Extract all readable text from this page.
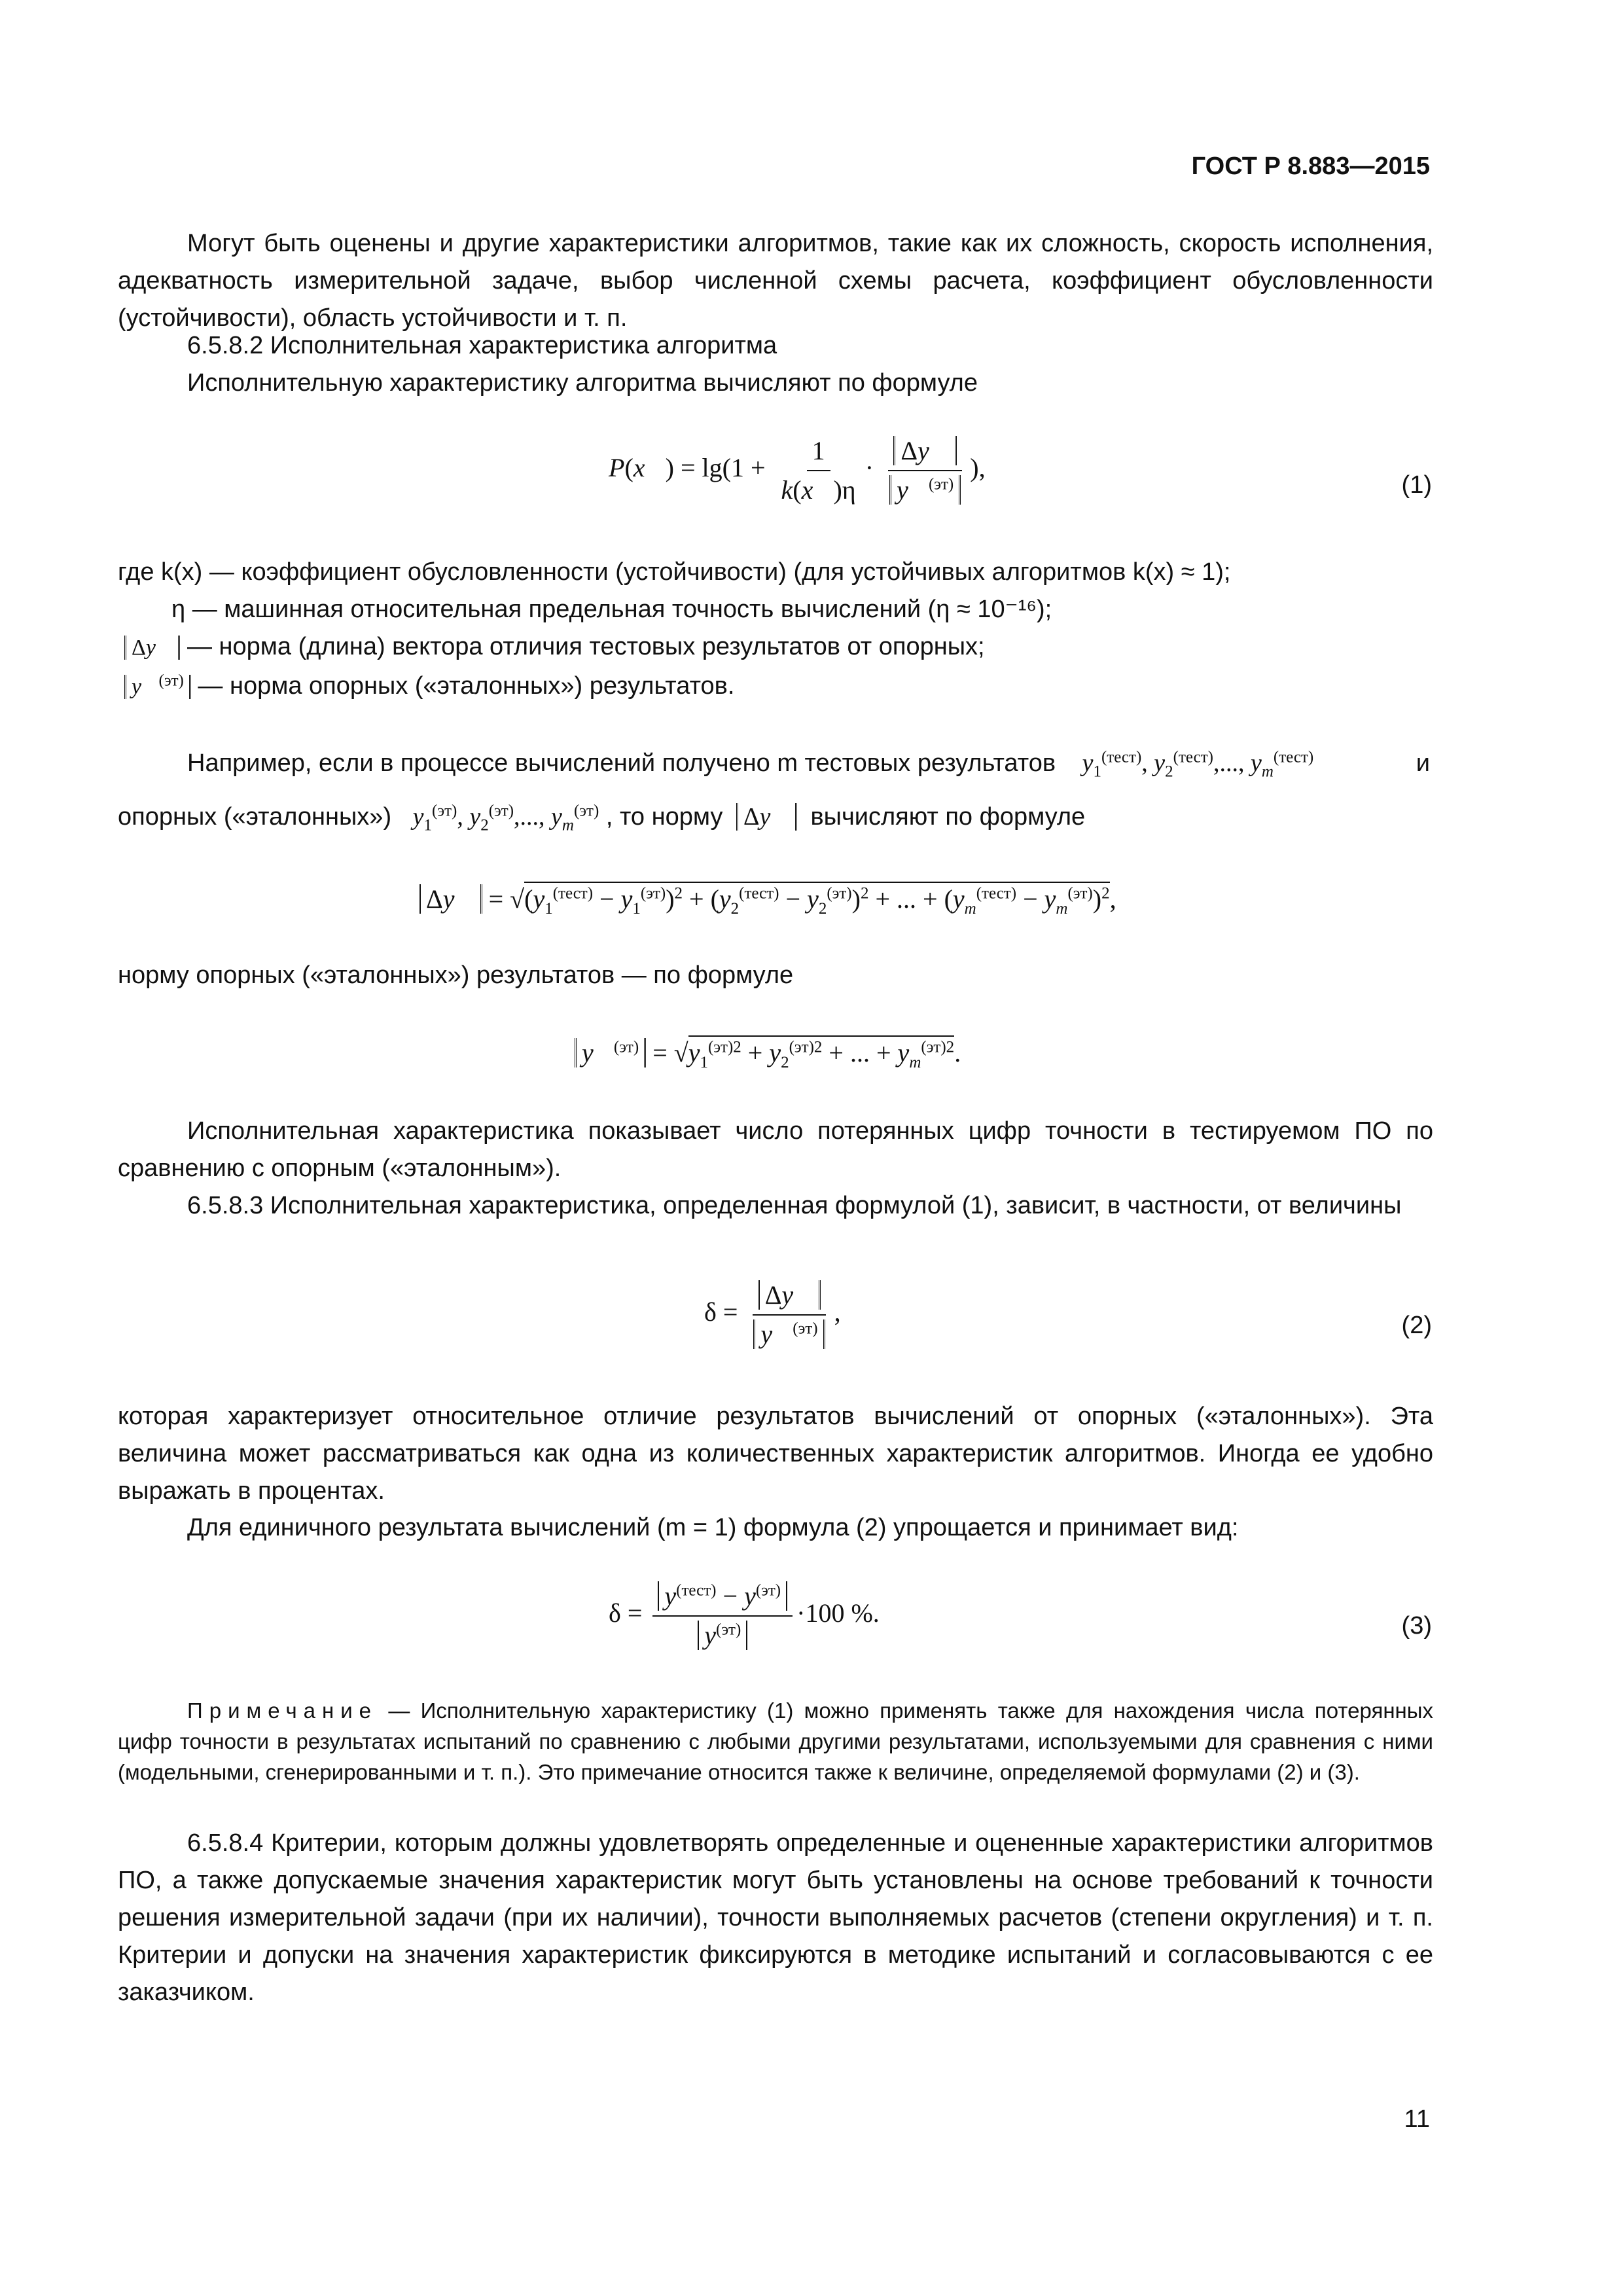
ГОСТ Р 8.883—2015
Могут быть оценены и другие характеристики алгоритмов, такие как их сложность, скорость исполнения, адекватность измерительной задаче, выбор численной схемы расчета, коэффициент обусловленности (устойчивости), область устойчивости и т. п.
6.5.8.2 Исполнительная характеристика алгоритма
Исполнительную характеристику алгоритма вычисляют по формуле
P(x⃗) = $\lg(1 + \frac{1}{k(x⃗)\eta} \cdot \frac{\Delta y⃗}{y⃗^{(эт)}}$ ),
(1)
где k(x) — коэффициент обусловленности (устойчивости) (для устойчивых алгоритмов k(x) ≈ 1);
η — машинная относительная предельная точность вычислений (η ≈ 10⁻¹⁶);
Δy⃗ — норма (длина) вектора отличия тестовых результатов от опорных;
y⃗$^{(эт)}$ — норма опорных («эталонных») результатов.
Например, если в процессе вычислений получено m тестовых результатов $y_1^{(тест)}$, $y_2^{(тест)}$,..., $y_m^{(тест)}$	и
опорных («эталонных») $y_1^{(эт)}$, $y_2^{(эт)}$,..., $y_m^{(эт)}$ , то норму Δy⃗ вычисляют по формуле
Δy⃗ = $√(y_1^{(тест)} - y_1^{(эт)})^2 + (y_2^{(тест)} - y_2^{(эт)})^2$ + ... + $(y_m^{(тест)} - y_m^{(эт)})^2$,
норму опорных («эталонных») результатов — по формуле
y⃗$^{(эт)}$ = $√y_1^{(эт)2} + y_2^{(эт)2}$ + ... + $y_m^{(эт)2}$.
Исполнительная характеристика показывает число потерянных цифр точности в тестируемом ПО по сравнению с опорным («эталонным»).
6.5.8.3 Исполнительная характеристика, определенная формулой (1), зависит, в частности, от величины
$\delta = \frac{\Delta y⃗}{y⃗^{(эт)}}$ ,	(2)
которая характеризует относительное отличие результатов вычислений от опорных («эталонных»). Эта величина может рассматриваться как одна из количественных характеристик алгоритмов. Иногда ее удобно выражать в процентах.
Для единичного результата вычислений (m = 1) формула (2) упрощается и принимает вид:
$\delta = \frac{y^{(тест)} - y^{(эт)}}{y^{(эт)}} \cdot 100$ %.	(3)
Примечание — Исполнительную характеристику (1) можно применять также для нахождения числа потерянных цифр точности в результатах испытаний по сравнению с любыми другими результатами, используемыми для сравнения с ними (модельными, сгенерированными и т. п.). Это примечание относится также к величине, определяемой формулами (2) и (3).
6.5.8.4 Критерии, которым должны удовлетворять определенные и оцененные характеристики алгоритмов ПО, а также допускаемые значения характеристик могут быть установлены на основе требований к точности решения измерительной задачи (при их наличии), точности выполняемых расчетов (степени округления) и т. п. Критерии и допуски на значения характеристик фиксируются в методике испытаний и согласовываются с ее заказчиком.
11
